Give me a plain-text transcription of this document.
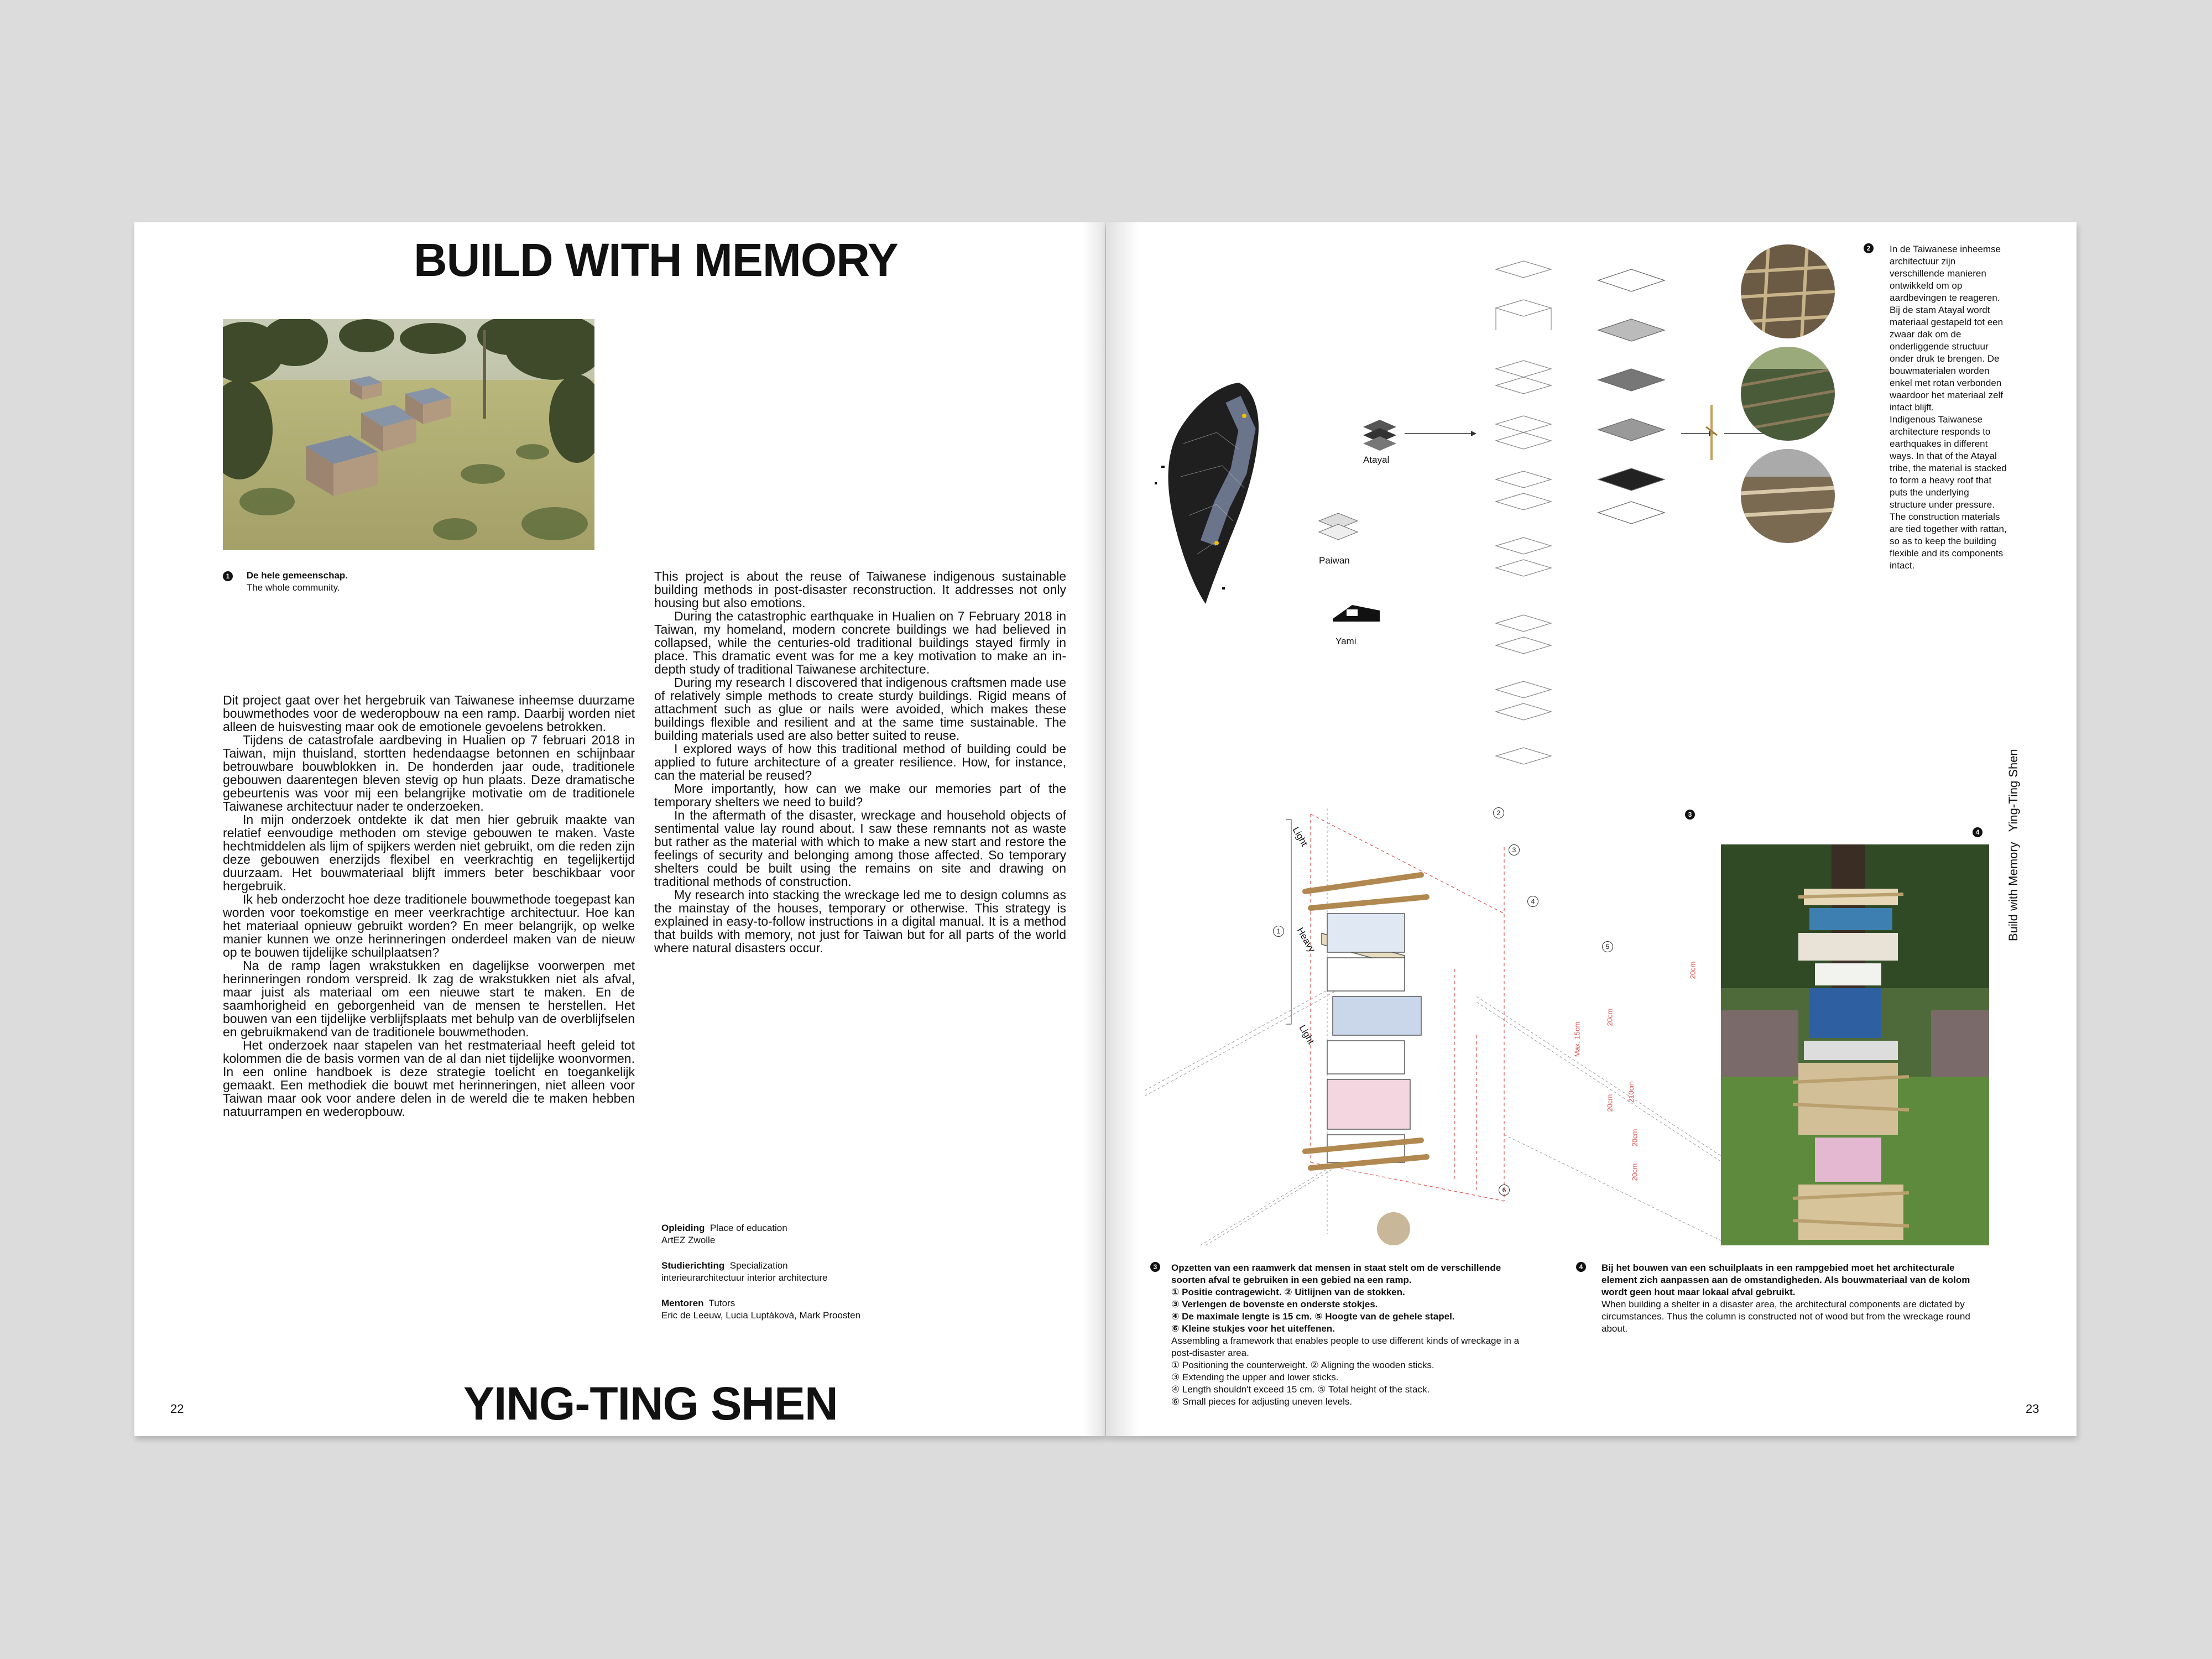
BUILD WITH MEMORY
1 De hele gemeenschap.
The whole community.

This project is about the reuse of Taiwanese indigenous sustainable building methods in post-disaster reconstruction. It addresses not only housing but also emotions.

During the catastrophic earthquake in Hualien on 7 February 2018 in Taiwan, my homeland, modern concrete buildings we had believed in collapsed, while the centuries-old traditional buildings stayed firmly in place. This dramatic event was for me a key motivation to make an in-depth study of traditional Taiwanese architecture.

During my research I discovered that indigenous craftsmen made use of relatively simple methods to create sturdy buildings. Rigid means of attachment such as glue or nails were avoided, which makes these buildings flexible and resilient and at the same time sustainable. The building materials used are also better suited to reuse.

I explored ways of how this traditional method of building could be applied to future architecture of a greater resilience. How, for instance, can the material be reused?

More importantly, how can we make our memories part of the temporary shelters we need to build?

In the aftermath of the disaster, wreckage and household objects of sentimental value lay round about. I saw these remnants not as waste but rather as the material with which to make a new start and restore the feelings of security and belonging among those affected. So temporary shelters could be built using the remains on site and drawing on traditional methods of construction.

My research into stacking the wreckage led me to design columns as the mainstay of the houses, temporary or otherwise. This strategy is explained in easy-to-follow instructions in a digital manual. It is a method that builds with memory, not just for Taiwan but for all parts of the world where natural disasters occur.

Dit project gaat over het hergebruik van Taiwanese inheemse duurzame bouwmethodes voor de wederopbouw na een ramp. Daarbij worden niet alleen de huisvesting maar ook de emotionele gevoelens betrokken.

Tijdens de catastrofale aardbeving in Hualien op 7 februari 2018 in Taiwan, mijn thuisland, stortten hedendaagse betonnen en schijnbaar betrouwbare bouwblokken in. De honderden jaar oude, traditionele gebouwen daarentegen bleven stevig op hun plaats. Deze dramatische gebeurtenis was voor mij een belangrijke motivatie om de traditionele Taiwanese architectuur nader te onderzoeken.

In mijn onderzoek ontdekte ik dat men hier gebruik maakte van relatief eenvoudige methoden om stevige gebouwen te maken. Vaste hechtmiddelen als lijm of spijkers werden niet gebruikt, om die reden zijn deze gebouwen enerzijds flexibel en veerkrachtig en tegelijkertijd duurzaam. Het bouwmateriaal blijft immers beter beschikbaar voor hergebruik.

Ik heb onderzocht hoe deze traditionele bouwmethode toegepast kan worden voor toekomstige en meer veerkrachtige architectuur. Hoe kan het materiaal opnieuw gebruikt worden? En meer belangrijk, op welke manier kunnen we onze herinneringen onderdeel maken van de nieuw op te bouwen tijdelijke schuilplaatsen?

Na de ramp lagen wrakstukken en dagelijkse voorwerpen met herinneringen rondom verspreid. Ik zag de wrakstukken niet als afval, maar juist als materiaal om een nieuwe start te maken. En de saamhorigheid en geborgenheid van de mensen te herstellen. Het bouwen van een tijdelijke verblijfsplaats met behulp van de overblijfselen en gebruikmakend van de traditionele bouwmethoden.

Het onderzoek naar stapelen van het restmateriaal heeft geleid tot kolommen die de basis vormen van de al dan niet tijdelijke woonvormen. In een online handboek is deze strategie toelicht en toegankelijk gemaakt. Een methodiek die bouwt met herinneringen, niet alleen voor Taiwan maar ook voor andere delen in de wereld die te maken hebben natuurrampen en wederopbouw.

Opleiding Place of education
ArtEZ Zwolle
Studierichting Specialization
interieurarchitectuur interior architecture
Mentoren Tutors
Eric de Leeuw, Lucia Luptáková, Mark Proosten
22	YING-TING SHEN
Atayal
Paiwan
Yami
2	In de Taiwanese inheemse architectuur zijn verschillende manieren ontwikkeld om op aardbevingen te reageren. Bij de stam Atayal wordt materiaal gestapeld tot een zwaar dak om de onderliggende structuur onder druk te brengen. De bouwmaterialen worden enkel met rotan verbonden waardoor het materiaal zelf intact blijft.
Indigenous Taiwanese architecture responds to earthquakes in different ways. In that of the Atayal tribe, the material is stacked to form a heavy roof that puts the underlying structure under pressure. The construction materials are tied together with rattan, so as to keep the building flexible and its components intact.
Build with Memory   Ying-Ting Shen
Light
Heavy
Light
1
2
3
4
5
6
20cm
20cm
Max. 15cm
210cm
20cm
20cm
20cm
3
4
3	Opzetten van een raamwerk dat mensen in staat stelt om de verschillende soorten afval te gebruiken in een gebied na een ramp.
① Positie contragewicht. ② Uitlijnen van de stokken.
③ Verlengen de bovenste en onderste stokjes.
④ De maximale lengte is 15 cm. ⑤ Hoogte van de gehele stapel.
⑥ Kleine stukjes voor het uiteffenen.
Assembling a framework that enables people to use different kinds of wreckage in a post-disaster area.
① Positioning the counterweight. ② Aligning the wooden sticks.
③ Extending the upper and lower sticks.
④ Length shouldn't exceed 15 cm. ⑤ Total height of the stack.
⑥ Small pieces for adjusting uneven levels.
4	Bij het bouwen van een schuilplaats in een rampgebied moet het architecturale element zich aanpassen aan de omstandigheden. Als bouwmateriaal van de kolom wordt geen hout maar lokaal afval gebruikt.
When building a shelter in a disaster area, the architectural components are dictated by circumstances. Thus the column is constructed not of wood but from the wreckage round about.
23
